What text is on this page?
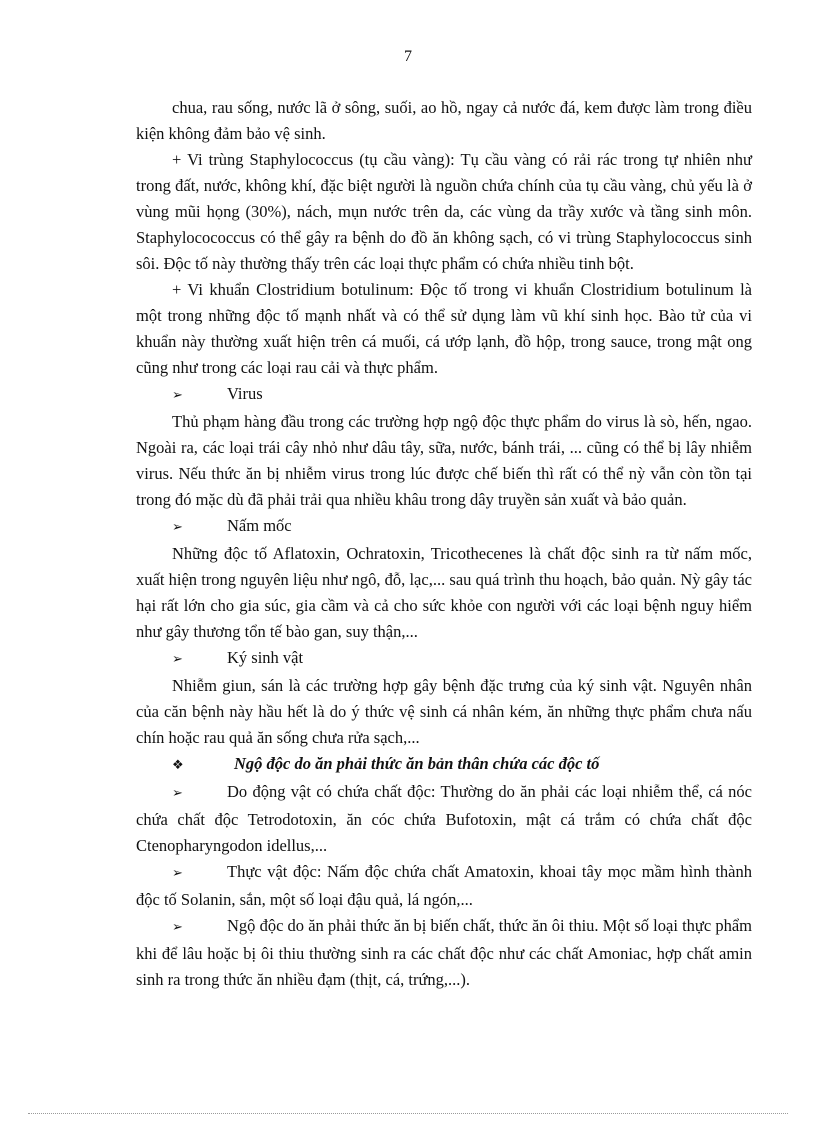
7

chua, rau sống, nước lã ở sông, suối, ao hồ, ngay cả nước đá, kem được làm trong điều kiện không đảm bảo vệ sinh.

+ Vi trùng Staphylococcus (tụ cầu vàng): Tụ cầu vàng có rải rác trong tự nhiên như trong đất, nước, không khí, đặc biệt người là nguồn chứa chính của tụ cầu vàng, chủ yếu là ở vùng mũi họng (30%), nách, mụn nước trên da, các vùng da trầy xước và tầng sinh môn. Staphylocococcus có thể gây ra bệnh do đồ ăn không sạch, có vi trùng Staphylococcus sinh sôi. Độc tố này thường thấy trên các loại thực phẩm có chứa nhiều tinh bột.

+ Vi khuẩn Clostridium botulinum: Độc tố trong vi khuẩn Clostridium botulinum là một trong những độc tố mạnh nhất và có thể sử dụng làm vũ khí sinh học. Bào tử của vi khuẩn này thường xuất hiện trên cá muối, cá ướp lạnh, đồ hộp, trong sauce, trong mật ong cũng như trong các loại rau cải và thực phẩm.

➢	Virus

Thủ phạm hàng đầu trong các trường hợp ngộ độc thực phẩm do virus là sò, hến, ngao. Ngoài ra, các loại trái cây nhỏ như dâu tây, sữa, nước, bánh trái, ... cũng có thể bị lây nhiễm virus. Nếu thức ăn bị nhiễm virus trong lúc được chế biến thì rất có thể nỳ vẫn còn tồn tại trong đó mặc dù đã phải trải qua nhiều khâu trong dây truyền sản xuất và bảo quản.

➢	Nấm mốc

Những độc tố Aflatoxin, Ochratoxin, Tricothecenes là chất độc sinh ra từ nấm mốc, xuất hiện trong nguyên liệu như ngô, đỗ, lạc,... sau quá trình thu hoạch, bảo quản. Nỳ gây tác hại rất lớn cho gia súc, gia cầm và cả cho sức khỏe con người với các loại bệnh nguy hiểm như gây thương tổn tế bào gan, suy thận,...

➢	Ký sinh vật

Nhiễm giun, sán là các trường hợp gây bệnh đặc trưng của ký sinh vật. Nguyên nhân của căn bệnh này hầu hết là do ý thức vệ sinh cá nhân kém, ăn những thực phẩm chưa nấu chín hoặc rau quả ăn sống chưa rửa sạch,...

❖	Ngộ độc do ăn phải thức ăn bản thân chứa các độc tố

➢	Do động vật có chứa chất độc: Thường do ăn phải các loại nhiễm thể, cá nóc chứa chất độc Tetrodotoxin, ăn cóc chứa Bufotoxin, mật cá trắm có chứa chất độc Ctenopharyngodon idellus,...

➢	Thực vật độc: Nấm độc chứa chất Amatoxin, khoai tây mọc mầm hình thành độc tố Solanin, sắn, một số loại đậu quả, lá ngón,...

➢	Ngộ độc do ăn phải thức ăn bị biến chất, thức ăn ôi thiu. Một số loại thực phẩm khi để lâu hoặc bị ôi thiu thường sinh ra các chất độc như các chất Amoniac, hợp chất amin sinh ra trong thức ăn nhiều đạm (thịt, cá, trứng,...).
